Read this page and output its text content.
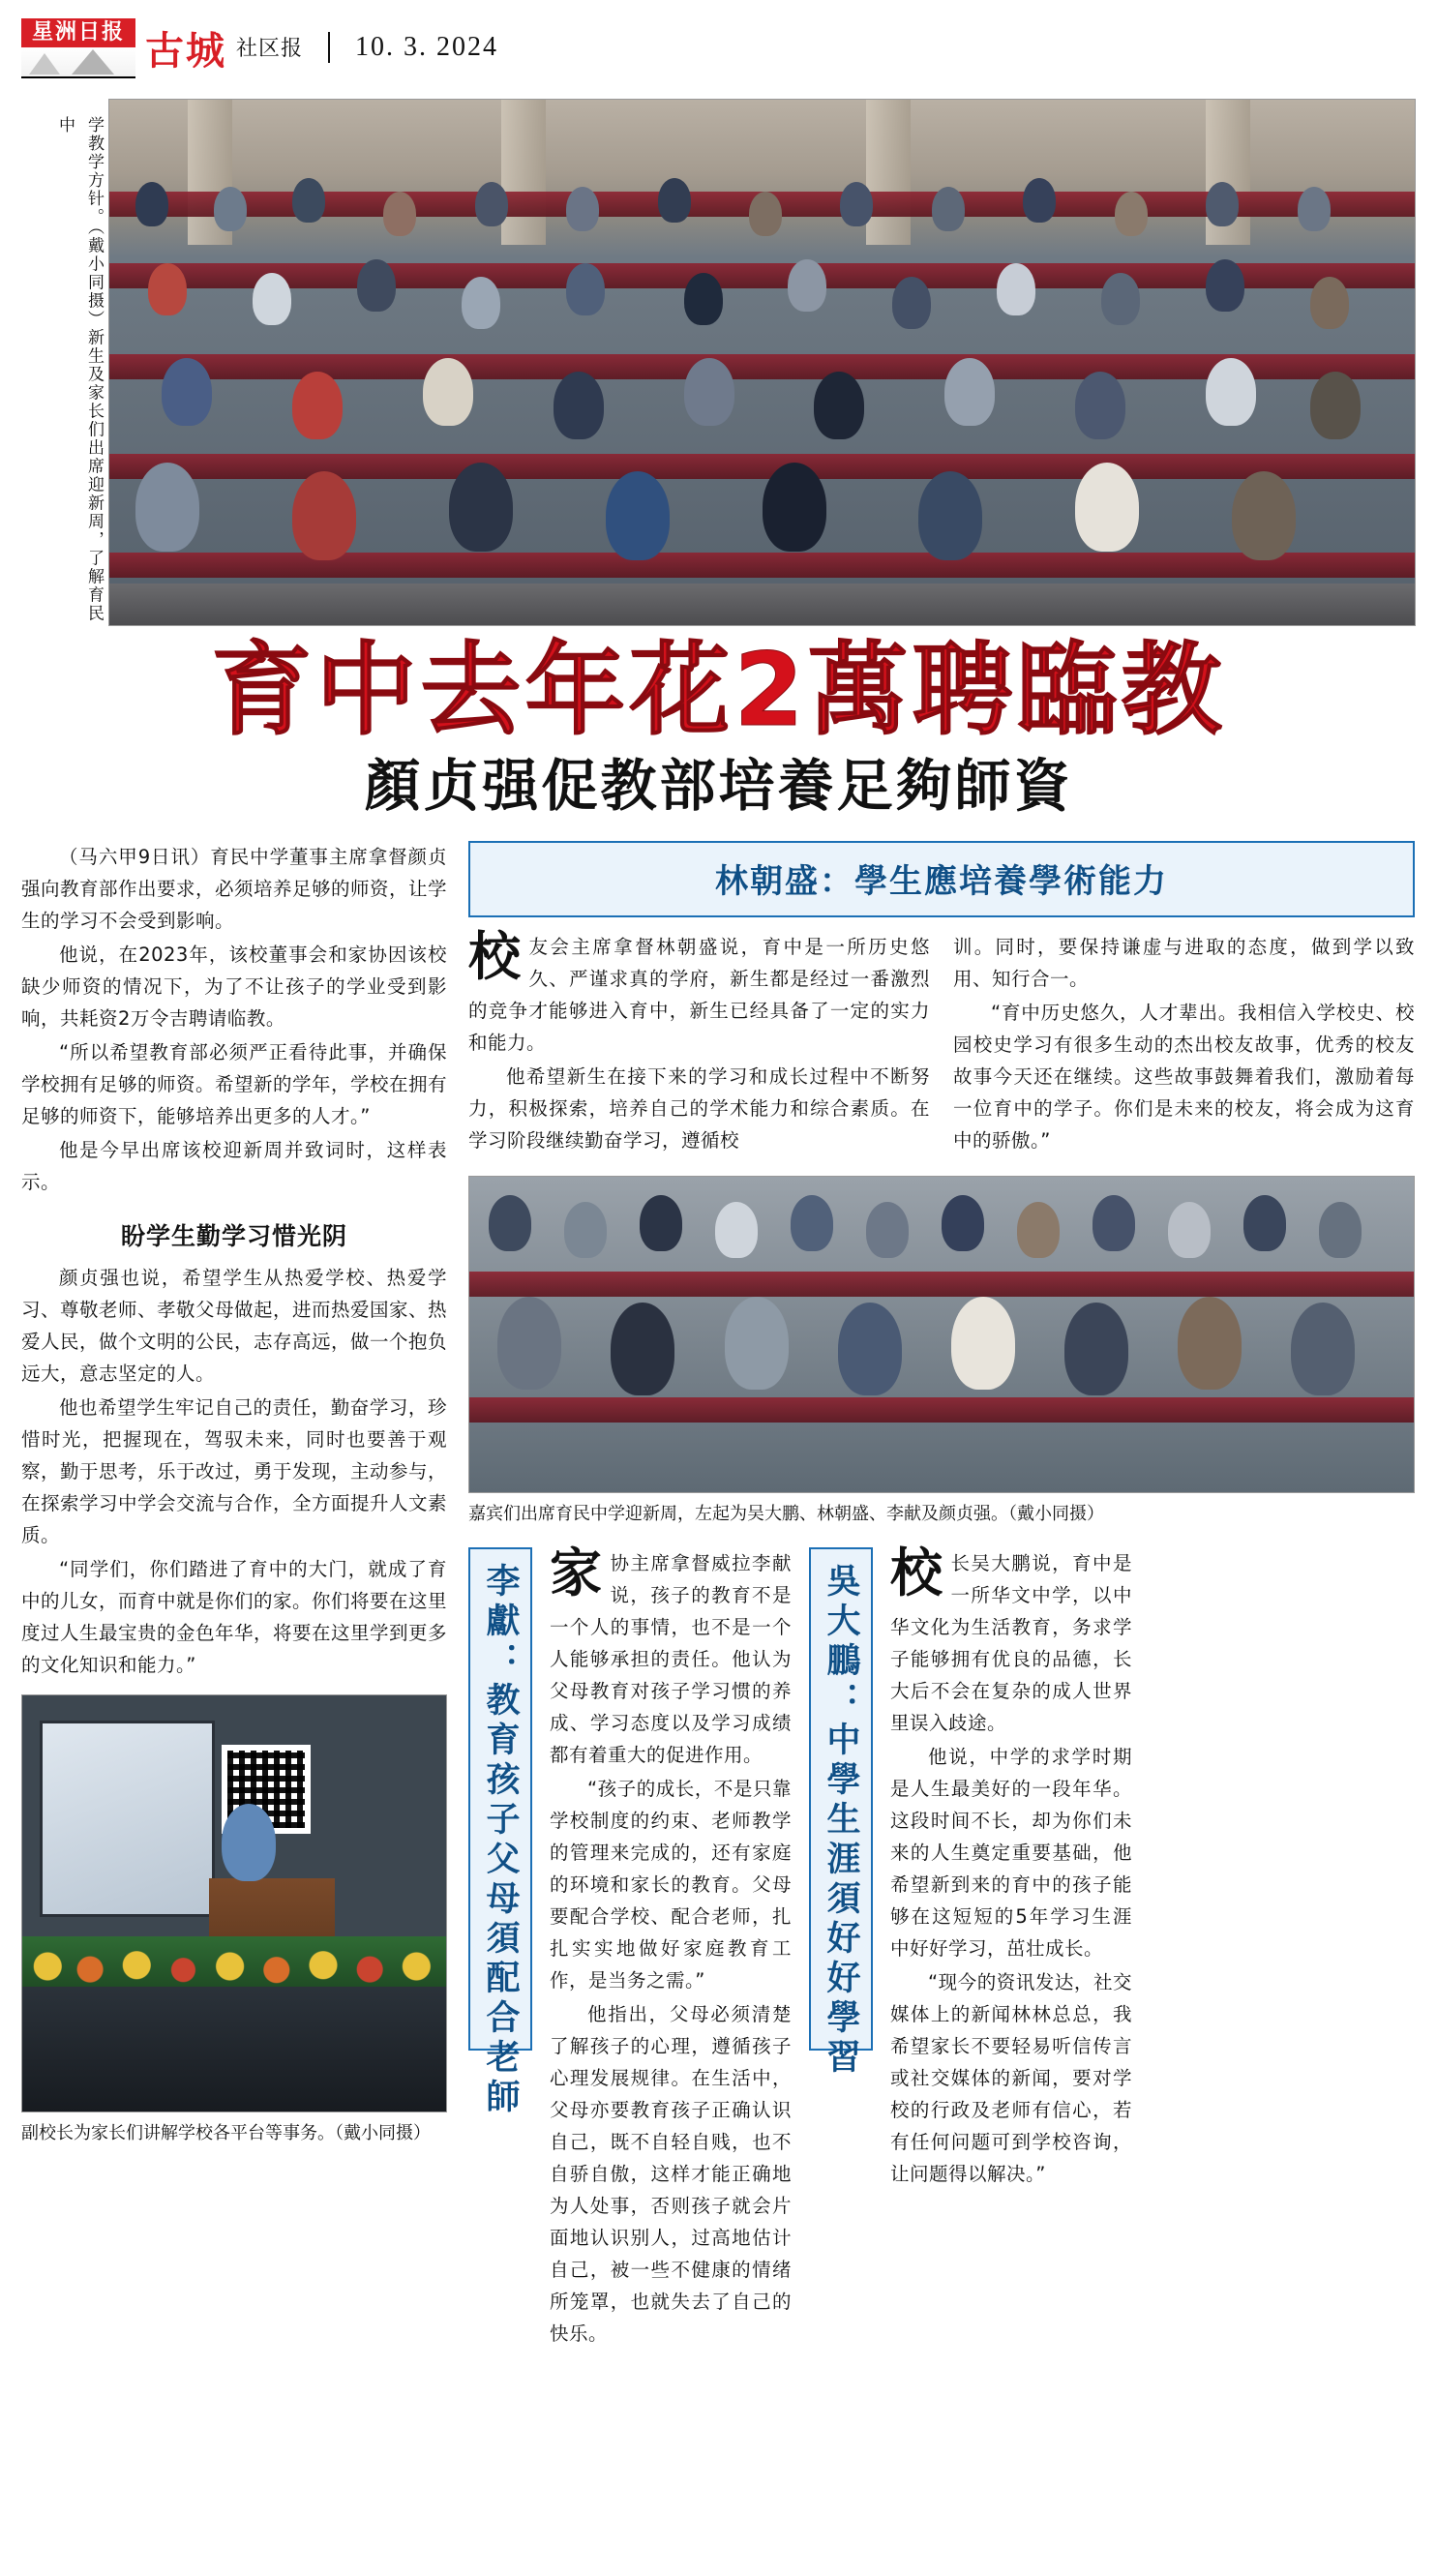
星洲日报 古城 社区报	10. 3. 2024
学教学方针。（戴小同摄）新生及家长们出席迎新周，了解育民中
育中去年花2萬聘臨教
顏贞强促教部培養足夠師資

（马六甲9日讯）育民中学董事主席拿督颜贞强向教育部作出要求，必须培养足够的师资，让学生的学习不会受到影响。

他说，在2023年，该校董事会和家协因该校缺少师资的情况下，为了不让孩子的学业受到影响，共耗资2万令吉聘请临教。

“所以希望教育部必须严正看待此事，并确保学校拥有足够的师资。希望新的学年，学校在拥有足够的师资下，能够培养出更多的人才。”

他是今早出席该校迎新周并致词时，这样表示。

盼学生勤学习惜光阴

颜贞强也说，希望学生从热爱学校、热爱学习、尊敬老师、孝敬父母做起，进而热爱国家、热爱人民，做个文明的公民，志存高远，做一个抱负远大，意志坚定的人。

他也希望学生牢记自己的责任，勤奋学习，珍惜时光，把握现在，驾驭未来，同时也要善于观察，勤于思考，乐于改过，勇于发现，主动参与，在探索学习中学会交流与合作，全方面提升人文素质。

“同学们，你们踏进了育中的大门，就成了育中的儿女，而育中就是你们的家。你们将要在这里度过人生最宝贵的金色年华，将要在这里学到更多的文化知识和能力。”

副校长为家长们讲解学校各平台等事务。（戴小同摄）
林朝盛：學生應培養學術能力

校友会主席拿督林朝盛说，育中是一所历史悠久、严谨求真的学府，新生都是经过一番激烈的竞争才能够进入育中，新生已经具备了一定的实力和能力。

他希望新生在接下来的学习和成长过程中不断努力，积极探索，培养自己的学术能力和综合素质。在学习阶段继续勤奋学习，遵循校

训。同时，要保持谦虚与进取的态度，做到学以致用、知行合一。

“育中历史悠久，人才辈出。我相信入学校史、校园校史学习有很多生动的杰出校友故事，优秀的校友故事今天还在继续。这些故事鼓舞着我们，激励着每一位育中的学子。你们是未来的校友，将会成为这育中的骄傲。”

嘉宾们出席育民中学迎新周，左起为吴大鹏、林朝盛、李献及颜贞强。（戴小同摄）
李獻：教育孩子父母須配合老師 家协主席拿督威拉李献说，孩子的教育不是一个人的事情，也不是一个人能够承担的责任。他认为父母教育对孩子学习惯的养成、学习态度以及学习成绩都有着重大的促进作用。

“孩子的成长，不是只靠学校制度的约束、老师教学的管理来完成的，还有家庭的环境和家长的教育。父母要配合学校、配合老师，扎扎实实地做好家庭教育工作，是当务之需。”

他指出，父母必须清楚了解孩子的心理，遵循孩子心理发展规律。在生活中，父母亦要教育孩子正确认识自己，既不自轻自贱，也不自骄自傲，这样才能正确地为人处事，否则孩子就会片面地认识别人，过高地估计自己，被一些不健康的情绪所笼罩，也就失去了自己的快乐。

吳大鵬：中學生涯須好好學習 校长吴大鹏说，育中是一所华文中学，以中华文化为生活教育，务求学子能够拥有优良的品德，长大后不会在复杂的成人世界里误入歧途。

他说，中学的求学时期是人生最美好的一段年华。这段时间不长，却为你们未来的人生奠定重要基础，他希望新到来的育中的孩子能够在这短短的5年学习生涯中好好学习，茁壮成长。

“现今的资讯发达，社交媒体上的新闻林林总总，我希望家长不要轻易听信传言或社交媒体的新闻，要对学校的行政及老师有信心，若有任何问题可到学校咨询，让问题得以解决。”
